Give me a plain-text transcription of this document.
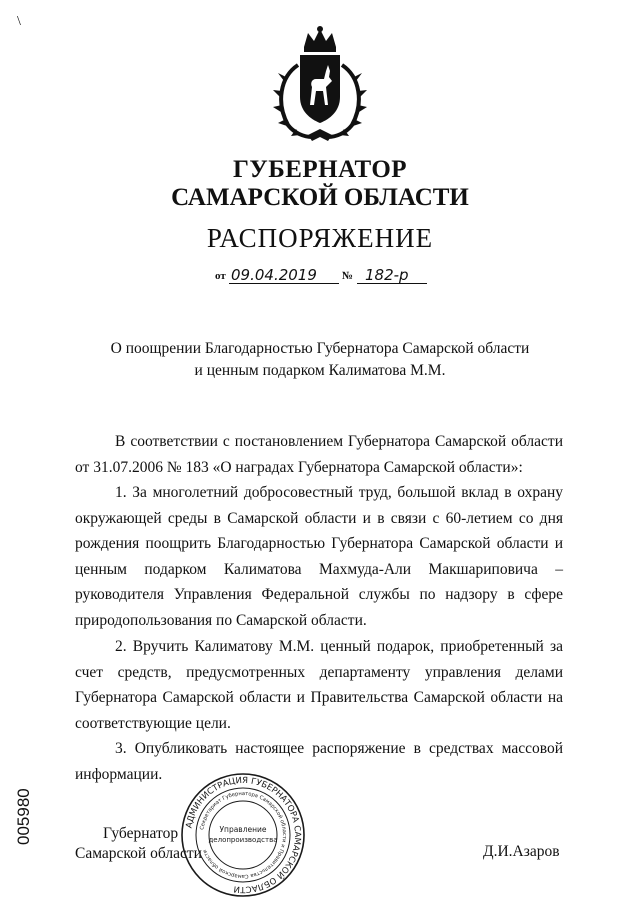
\
ГУБЕРНАТОР
САМАРСКОЙ ОБЛАСТИ
РАСПОРЯЖЕНИЕ
от 09.04.2019 № 182-р
О поощрении Благодарностью Губернатора Самарской области
и ценным подарком Калиматова М.М.
В соответствии с постановлением Губернатора Самарской области от 31.07.2006 № 183 «О наградах Губернатора Самарской области»:
1. За многолетний добросовестный труд, большой вклад в охрану окружающей среды в Самарской области и в связи с 60-летием со дня рождения поощрить Благодарностью Губернатора Самарской области и ценным подарком Калиматова Махмуда-Али Макшариповича – руководителя Управления Федеральной службы по надзору в сфере природопользования по Самарской области.
2. Вручить Калиматову М.М. ценный подарок, приобретенный за счет средств, предусмотренных департаменту управления делами Губернатора Самарской области и Правительства Самарской области на соответствующие цели.
3. Опубликовать настоящее распоряжение в средствах массовой информации.
Губернатор
Самарской области	Д.И.Азаров
005980	АДМИНИСТРАЦИЯ ГУБЕРНАТОРА САМАРСКОЙ ОБЛАСТИ
Секретариат Губернатора Самарской области и Правительства Самарской области
Управление
делопроизводства
